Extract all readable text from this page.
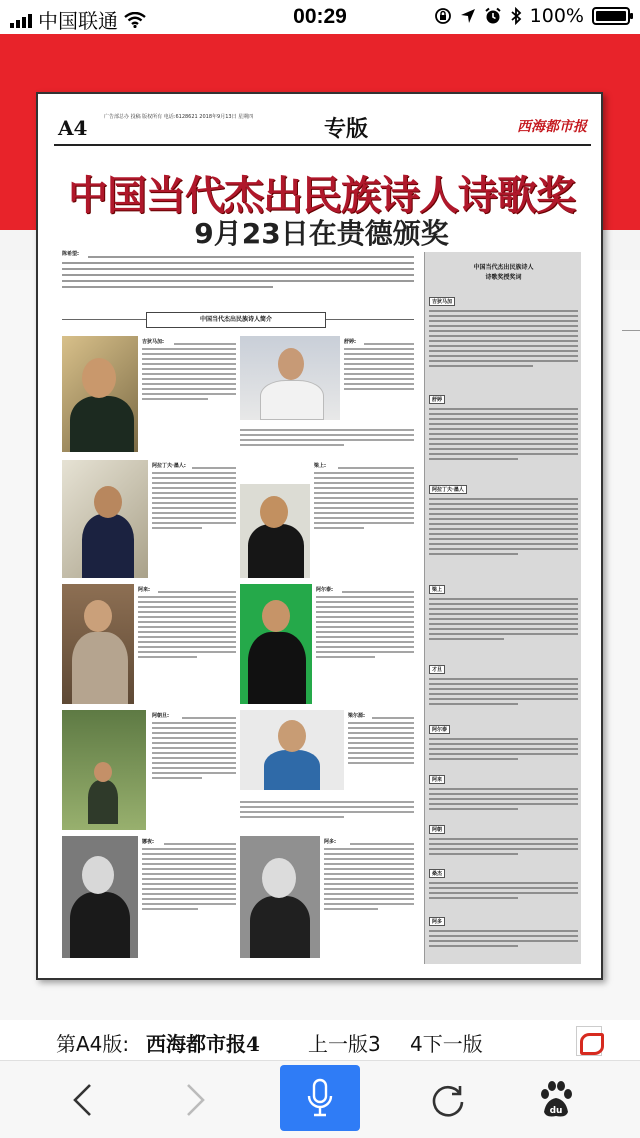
中国联通	00:29	100%
A4	广告部总办 投稿 版权所有 电话:6128621 2018年9月13日 星期四	专版	西海都市报
中国当代杰出民族诗人诗歌奖
9月23日在贵德颁奖
陈希望:
中国当代杰出民族诗人简介
吉狄马加:	舒婷:
阿拉丁夫·墨人:	梁上:
阿来:	阿尔泰:
阿朝旦:	梁尔源:
娜夜:	阿多:
中国当代杰出民族诗人
诗歌奖授奖词
吉狄马加
舒婷
阿拉丁夫·墨人
梁上
才旦
阿尔泰
阿来
阿朝
桑杰
阿多
第A4版: 西海都市报4 上一版3 4下一版
du
